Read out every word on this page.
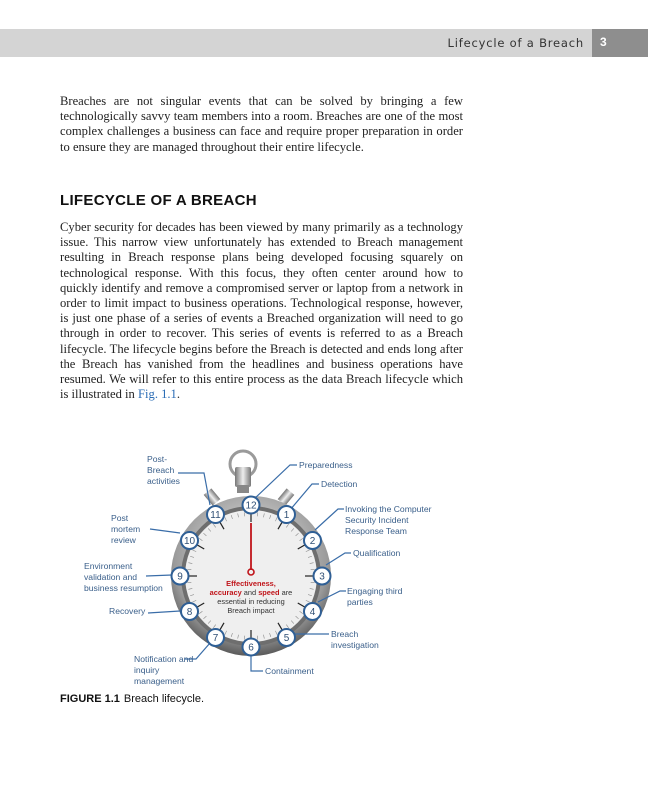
Lifecycle of a Breach 3

Breaches are not singular events that can be solved by bringing a few technologically savvy team members into a room. Breaches are one of the most complex challenges a business can face and require proper preparation in order to ensure they are managed throughout their entire lifecycle.

LIFECYCLE OF A BREACH

Cyber security for decades has been viewed by many primarily as a technology issue. This narrow view unfortunately has extended to Breach management resulting in Breach response plans being developed focusing squarely on technological response. With this focus, they often center around how to quickly identify and remove a compromised server or laptop from a network in order to limit impact to business operations. Technological response, however, is just one phase of a series of events a Breached organization will need to go through in order to recover. This series of events is referred to as a Breach lifecycle. The lifecycle begins before the Breach is detected and ends long after the Breach has vanished from the headlines and business operations have resumed. We will refer to this entire process as the data Breach lifecycle which is illustrated in Fig. 1.1.

1
2
3
4
5
6
7
8
9
10
11
12
Preparedness
Detection
Invoking the Computer
Security Incident
Response Team
Qualification
Engaging third
parties
Breach
investigation
Containment
Notification and
inquiry
management
Recovery
Environment
validation and
business resumption
Post
mortem
review
Post-
Breach
activities
Effectiveness,
accuracy and speed are
essential in reducing
Breach impact
FIGURE 1.1 Breach lifecycle.
